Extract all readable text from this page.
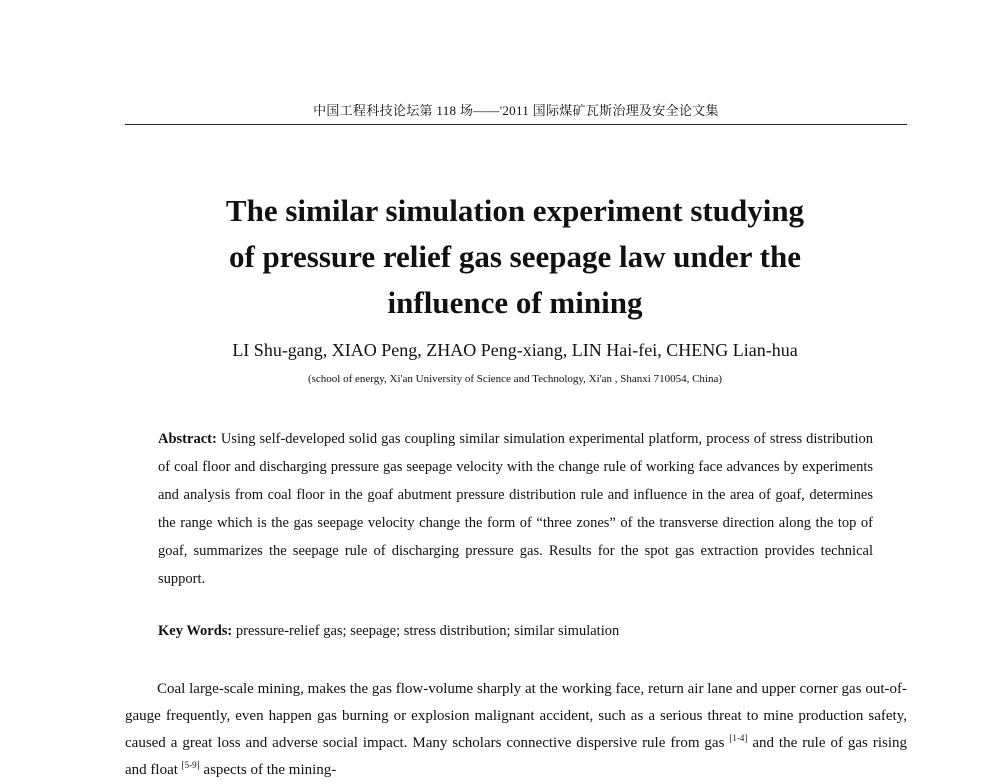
中国工程科技论坛第 118 场——'2011 国际煤矿瓦斯治理及安全论文集
The similar simulation experiment studying
of pressure relief gas seepage law under the
influence of mining
LI Shu-gang, XIAO Peng, ZHAO Peng-xiang, LIN Hai-fei, CHENG Lian-hua
(school of energy, Xi'an University of Science and Technology, Xi'an , Shanxi 710054, China)

Abstract: Using self-developed solid gas coupling similar simulation experimental platform, process of stress distribution of coal floor and discharging pressure gas seepage velocity with the change rule of working face advances by experiments and analysis from coal floor in the goaf abutment pressure distribution rule and influence in the area of goaf, determines the range which is the gas seepage velocity change the form of “three zones” of the transverse direction along the top of goaf, summarizes the seepage rule of discharging pressure gas. Results for the spot gas extraction provides technical support.

Key Words: pressure-relief gas; seepage; stress distribution; similar simulation

Coal large-scale mining, makes the gas flow-volume sharply at the working face, return air lane and upper corner gas out-of-gauge frequently, even happen gas burning or explosion malignant accident, such as a serious threat to mine production safety, caused a great loss and adverse social impact. Many scholars connective dispersive rule from gas [1-4] and the rule of gas rising and float [5-9] aspects of the mining-
